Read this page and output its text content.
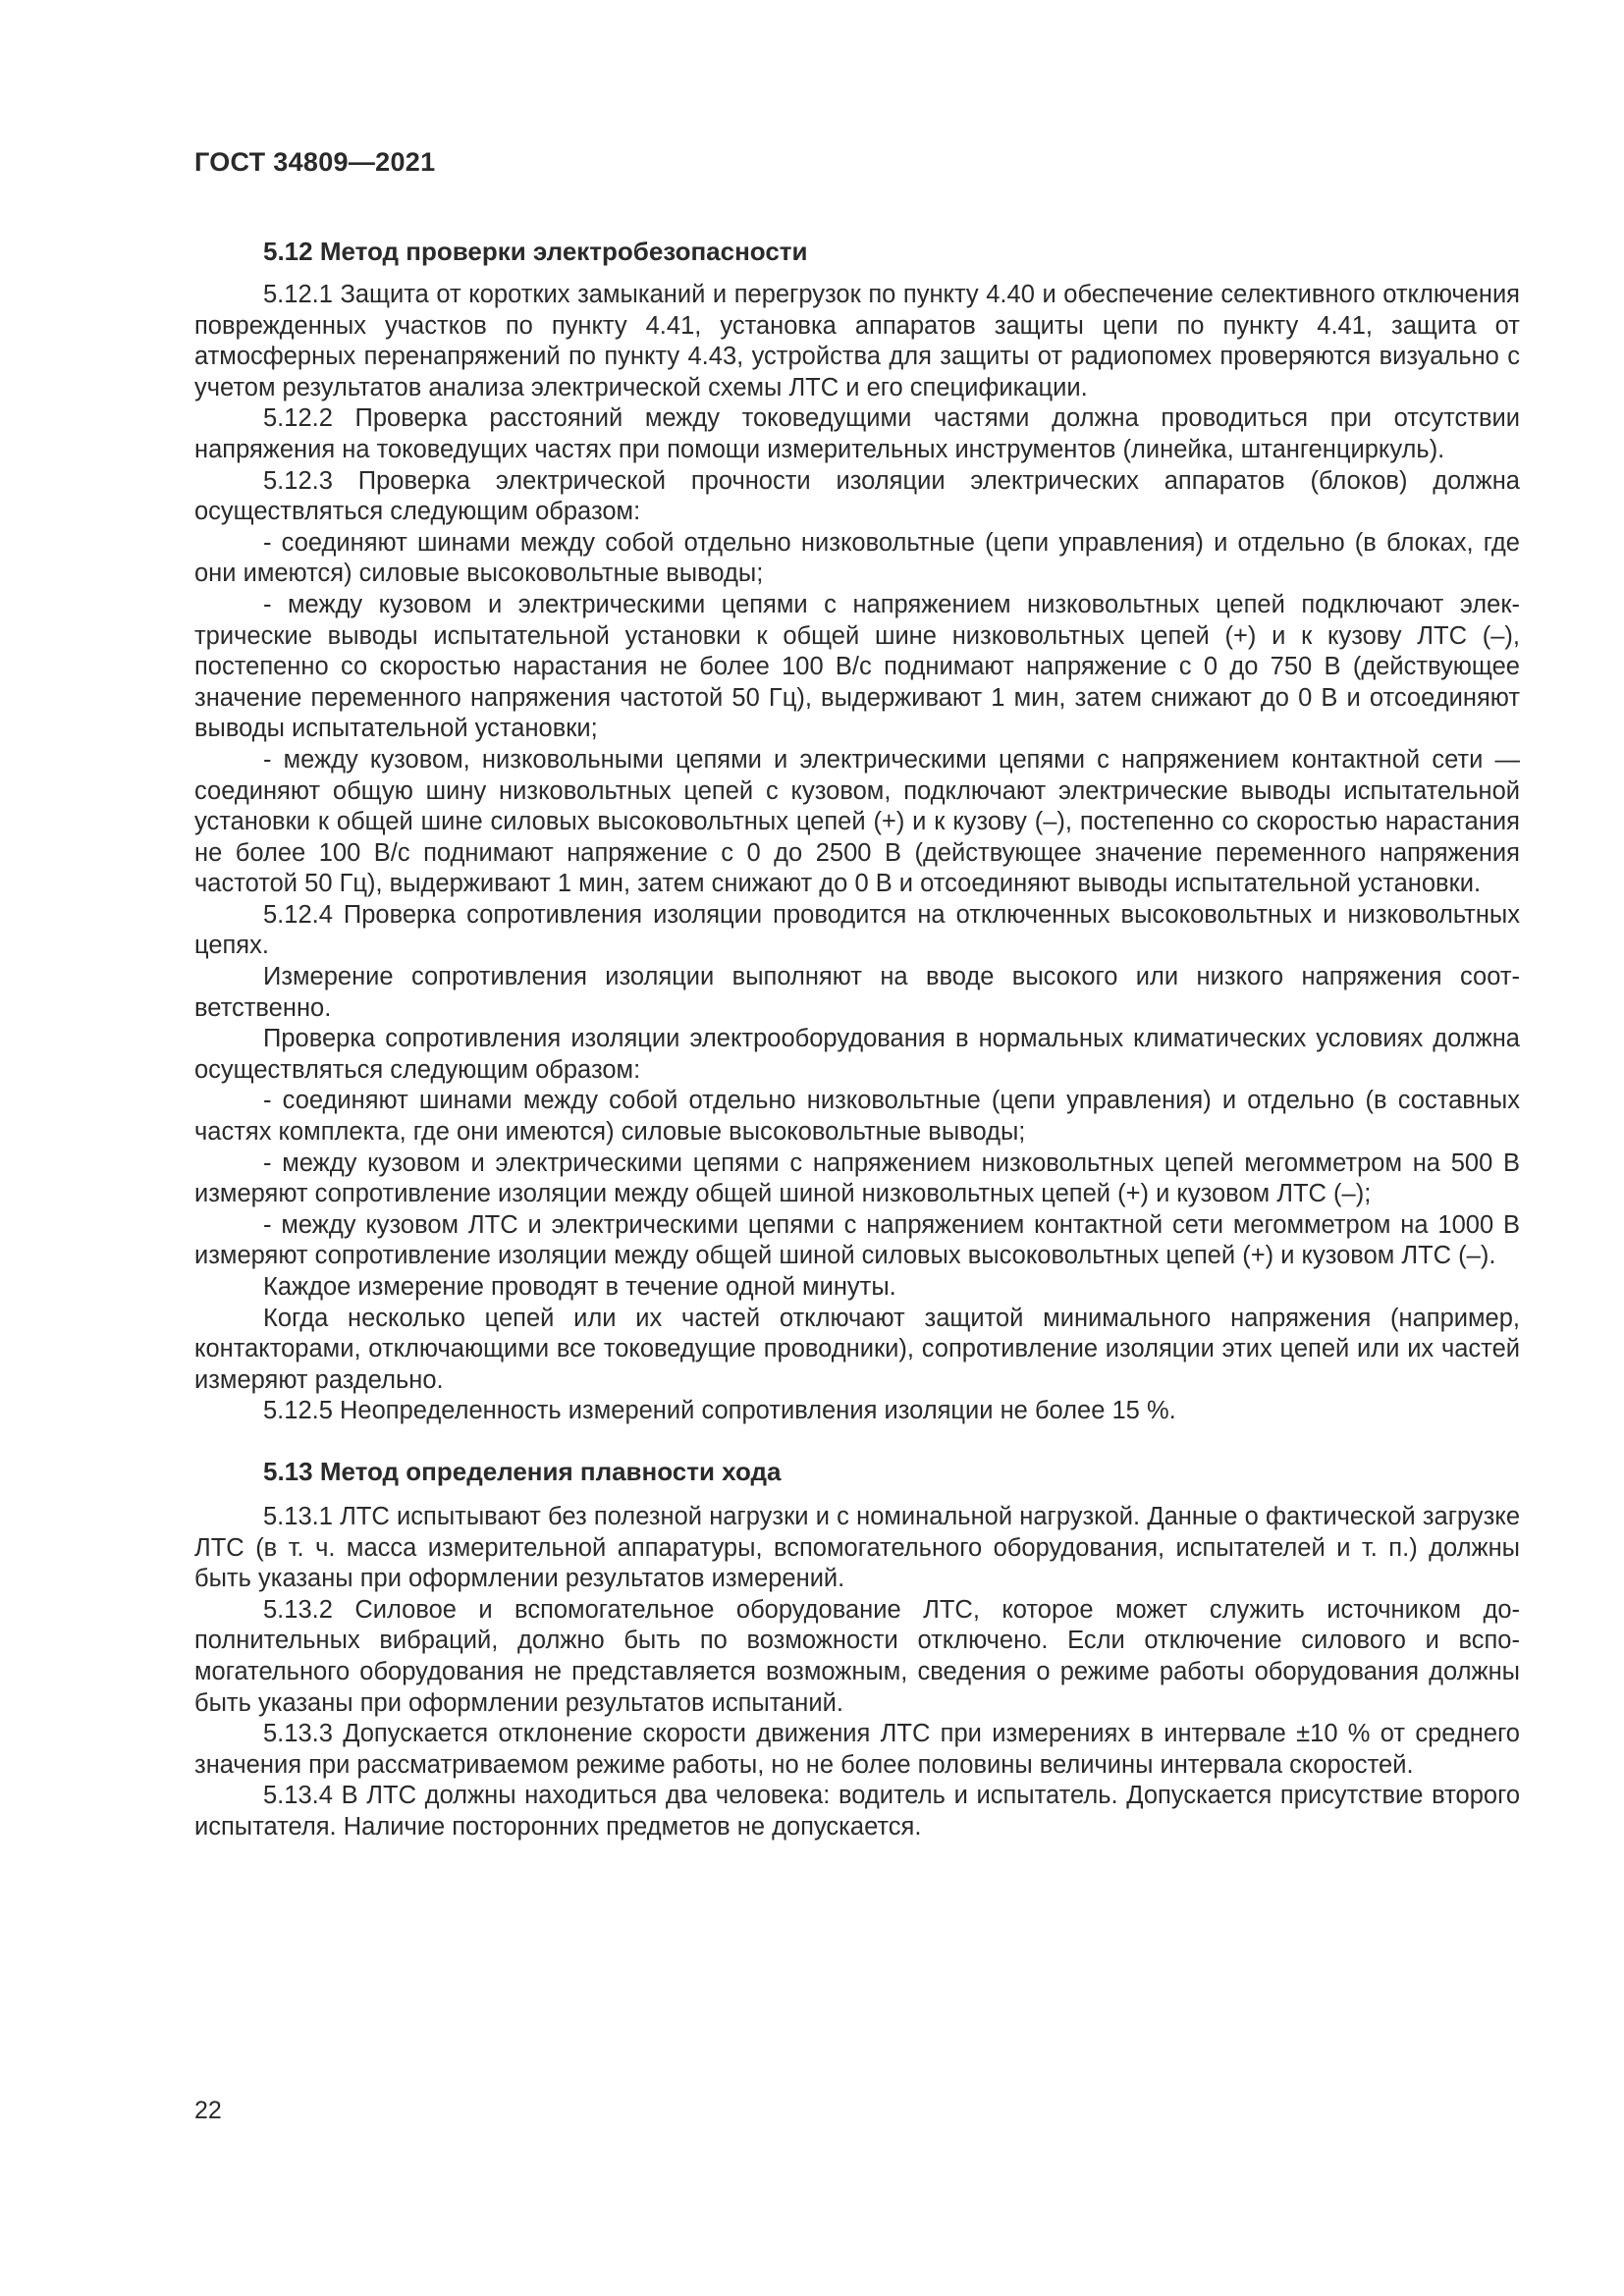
ГОСТ 34809—2021
5.12 Метод проверки электробезопасности

5.12.1 Защита от коротких замыканий и перегрузок по пункту 4.40 и обеспечение селективного отключения поврежденных участков по пункту 4.41, установка аппаратов защиты цепи по пункту 4.41, защита от атмосферных перенапряжений по пункту 4.43, устройства для защиты от радиопомех проверяются визуально с учетом результатов анализа электрической схемы ЛТС и его спецификации.

5.12.2 Проверка расстояний между токоведущими частями должна проводиться при отсутствии напряжения на токоведущих частях при помощи измерительных инструментов (линейка, штангенциркуль).

5.12.3 Проверка электрической прочности изоляции электрических аппаратов (блоков) должна осуществляться следующим образом:

- соединяют шинами между собой отдельно низковольтные (цепи управления) и отдельно (в блоках, где они имеются) силовые высоковольтные выводы;

- между кузовом и электрическими цепями с напряжением низковольтных цепей подключают электрические выводы испытательной установки к общей шине низковольтных цепей (+) и к кузову ЛТС (–), постепенно со скоростью нарастания не более 100 В/с поднимают напряжение с 0 до 750 В (действующее значение переменного напряжения частотой 50 Гц), выдерживают 1 мин, затем снижают до 0 В и отсоединяют выводы испытательной установки;

- между кузовом, низковольными цепями и электрическими цепями с напряжением контактной сети — соединяют общую шину низковольтных цепей с кузовом, подключают электрические выводы испытательной установки к общей шине силовых высоковольтных цепей (+) и к кузову (–), постепенно со скоростью нарастания не более 100 В/с поднимают напряжение с 0 до 2500 В (действующее значение переменного напряжения частотой 50 Гц), выдерживают 1 мин, затем снижают до 0 В и отсоединяют выводы испытательной установки.

5.12.4 Проверка сопротивления изоляции проводится на отключенных высоковольтных и низковольтных цепях.

Измерение сопротивления изоляции выполняют на вводе высокого или низкого напряжения соответственно.

Проверка сопротивления изоляции электрооборудования в нормальных климатических условиях должна осуществляться следующим образом:

- соединяют шинами между собой отдельно низковольтные (цепи управления) и отдельно (в составных частях комплекта, где они имеются) силовые высоковольтные выводы;

- между кузовом и электрическими цепями с напряжением низковольтных цепей мегомметром на 500 В измеряют сопротивление изоляции между общей шиной низковольтных цепей (+) и кузовом ЛТС (–);

- между кузовом ЛТС и электрическими цепями с напряжением контактной сети мегомметром на 1000 В измеряют сопротивление изоляции между общей шиной силовых высоковольтных цепей (+) и кузовом ЛТС (–).

Каждое измерение проводят в течение одной минуты.

Когда несколько цепей или их частей отключают защитой минимального напряжения (например, контакторами, отключающими все токоведущие проводники), сопротивление изоляции этих цепей или их частей измеряют раздельно.

5.12.5 Неопределенность измерений сопротивления изоляции не более 15 %.

5.13 Метод определения плавности хода

5.13.1 ЛТС испытывают без полезной нагрузки и с номинальной нагрузкой. Данные о фактической загрузке ЛТС (в т. ч. масса измерительной аппаратуры, вспомогательного оборудования, испытателей и т. п.) должны быть указаны при оформлении результатов измерений.

5.13.2 Силовое и вспомогательное оборудование ЛТС, которое может служить источником дополнительных вибраций, должно быть по возможности отключено. Если отключение силового и вспомогательного оборудования не представляется возможным, сведения о режиме работы оборудования должны быть указаны при оформлении результатов испытаний.

5.13.3 Допускается отклонение скорости движения ЛТС при измерениях в интервале ±10 % от среднего значения при рассматриваемом режиме работы, но не более половины величины интервала скоростей.

5.13.4 В ЛТС должны находиться два человека: водитель и испытатель. Допускается присутствие второго испытателя. Наличие посторонних предметов не допускается.

22
